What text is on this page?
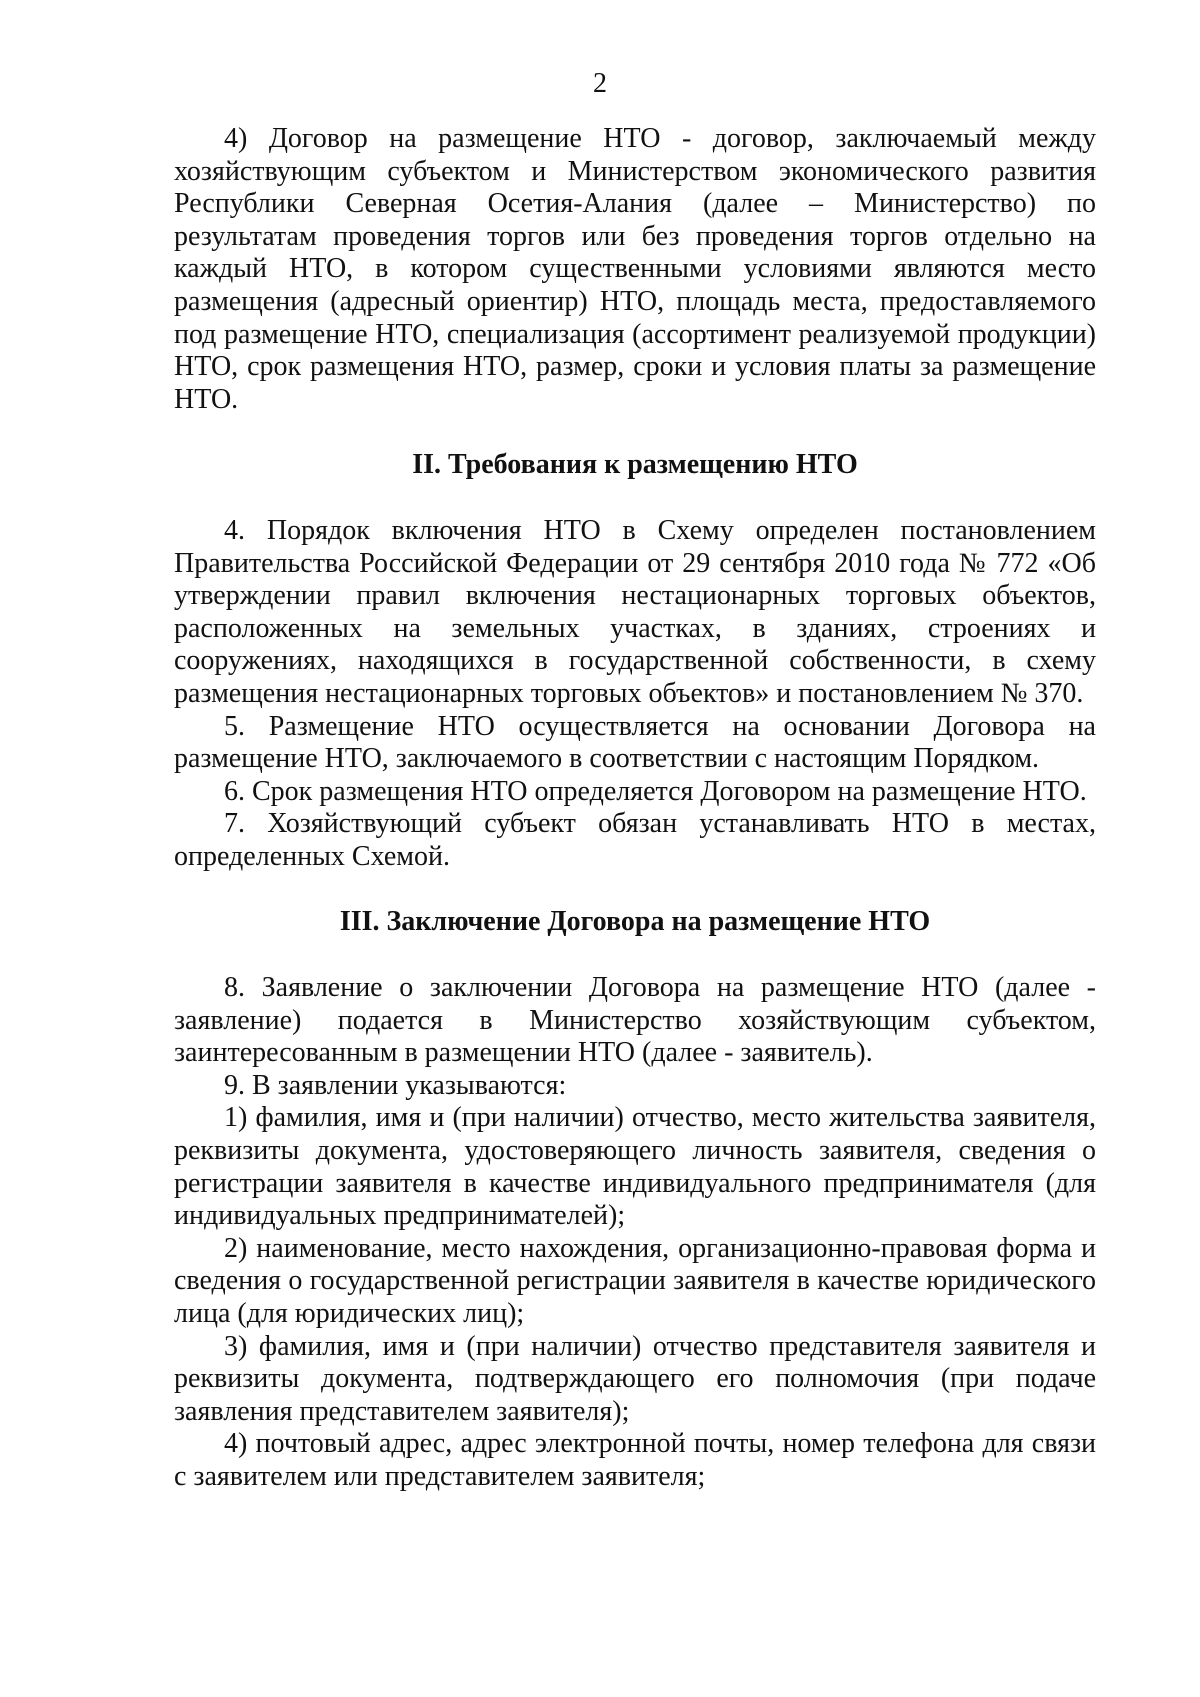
2

4) Договор на размещение НТО - договор, заключаемый между хозяйствующим субъектом и Министерством экономического развития Республики Северная Осетия-Алания (далее – Министерство) по результатам проведения торгов или без проведения торгов отдельно на каждый НТО, в котором существенными условиями являются место размещения (адресный ориентир) НТО, площадь места, предоставляемого под размещение НТО, специализация (ассортимент реализуемой продукции) НТО, срок размещения НТО, размер, сроки и условия платы за размещение НТО.

II. Требования к размещению НТО

4. Порядок включения НТО в Схему определен постановлением Правительства Российской Федерации от 29 сентября 2010 года № 772 «Об утверждении правил включения нестационарных торговых объектов, расположенных на земельных участках, в зданиях, строениях и сооружениях, находящихся в государственной собственности, в схему размещения нестационарных торговых объектов» и постановлением № 370.

5. Размещение НТО осуществляется на основании Договора на размещение НТО, заключаемого в соответствии с настоящим Порядком.

6. Срок размещения НТО определяется Договором на размещение НТО.

7. Хозяйствующий субъект обязан устанавливать НТО в местах, определенных Схемой.

III. Заключение Договора на размещение НТО

8. Заявление о заключении Договора на размещение НТО (далее - заявление) подается в Министерство хозяйствующим субъектом, заинтересованным в размещении НТО (далее - заявитель).

9. В заявлении указываются:

1) фамилия, имя и (при наличии) отчество, место жительства заявителя, реквизиты документа, удостоверяющего личность заявителя, сведения о регистрации заявителя в качестве индивидуального предпринимателя (для индивидуальных предпринимателей);

2) наименование, место нахождения, организационно-правовая форма и сведения о государственной регистрации заявителя в качестве юридического лица (для юридических лиц);

3) фамилия, имя и (при наличии) отчество представителя заявителя и реквизиты документа, подтверждающего его полномочия (при подаче заявления представителем заявителя);

4) почтовый адрес, адрес электронной почты, номер телефона для связи с заявителем или представителем заявителя;
